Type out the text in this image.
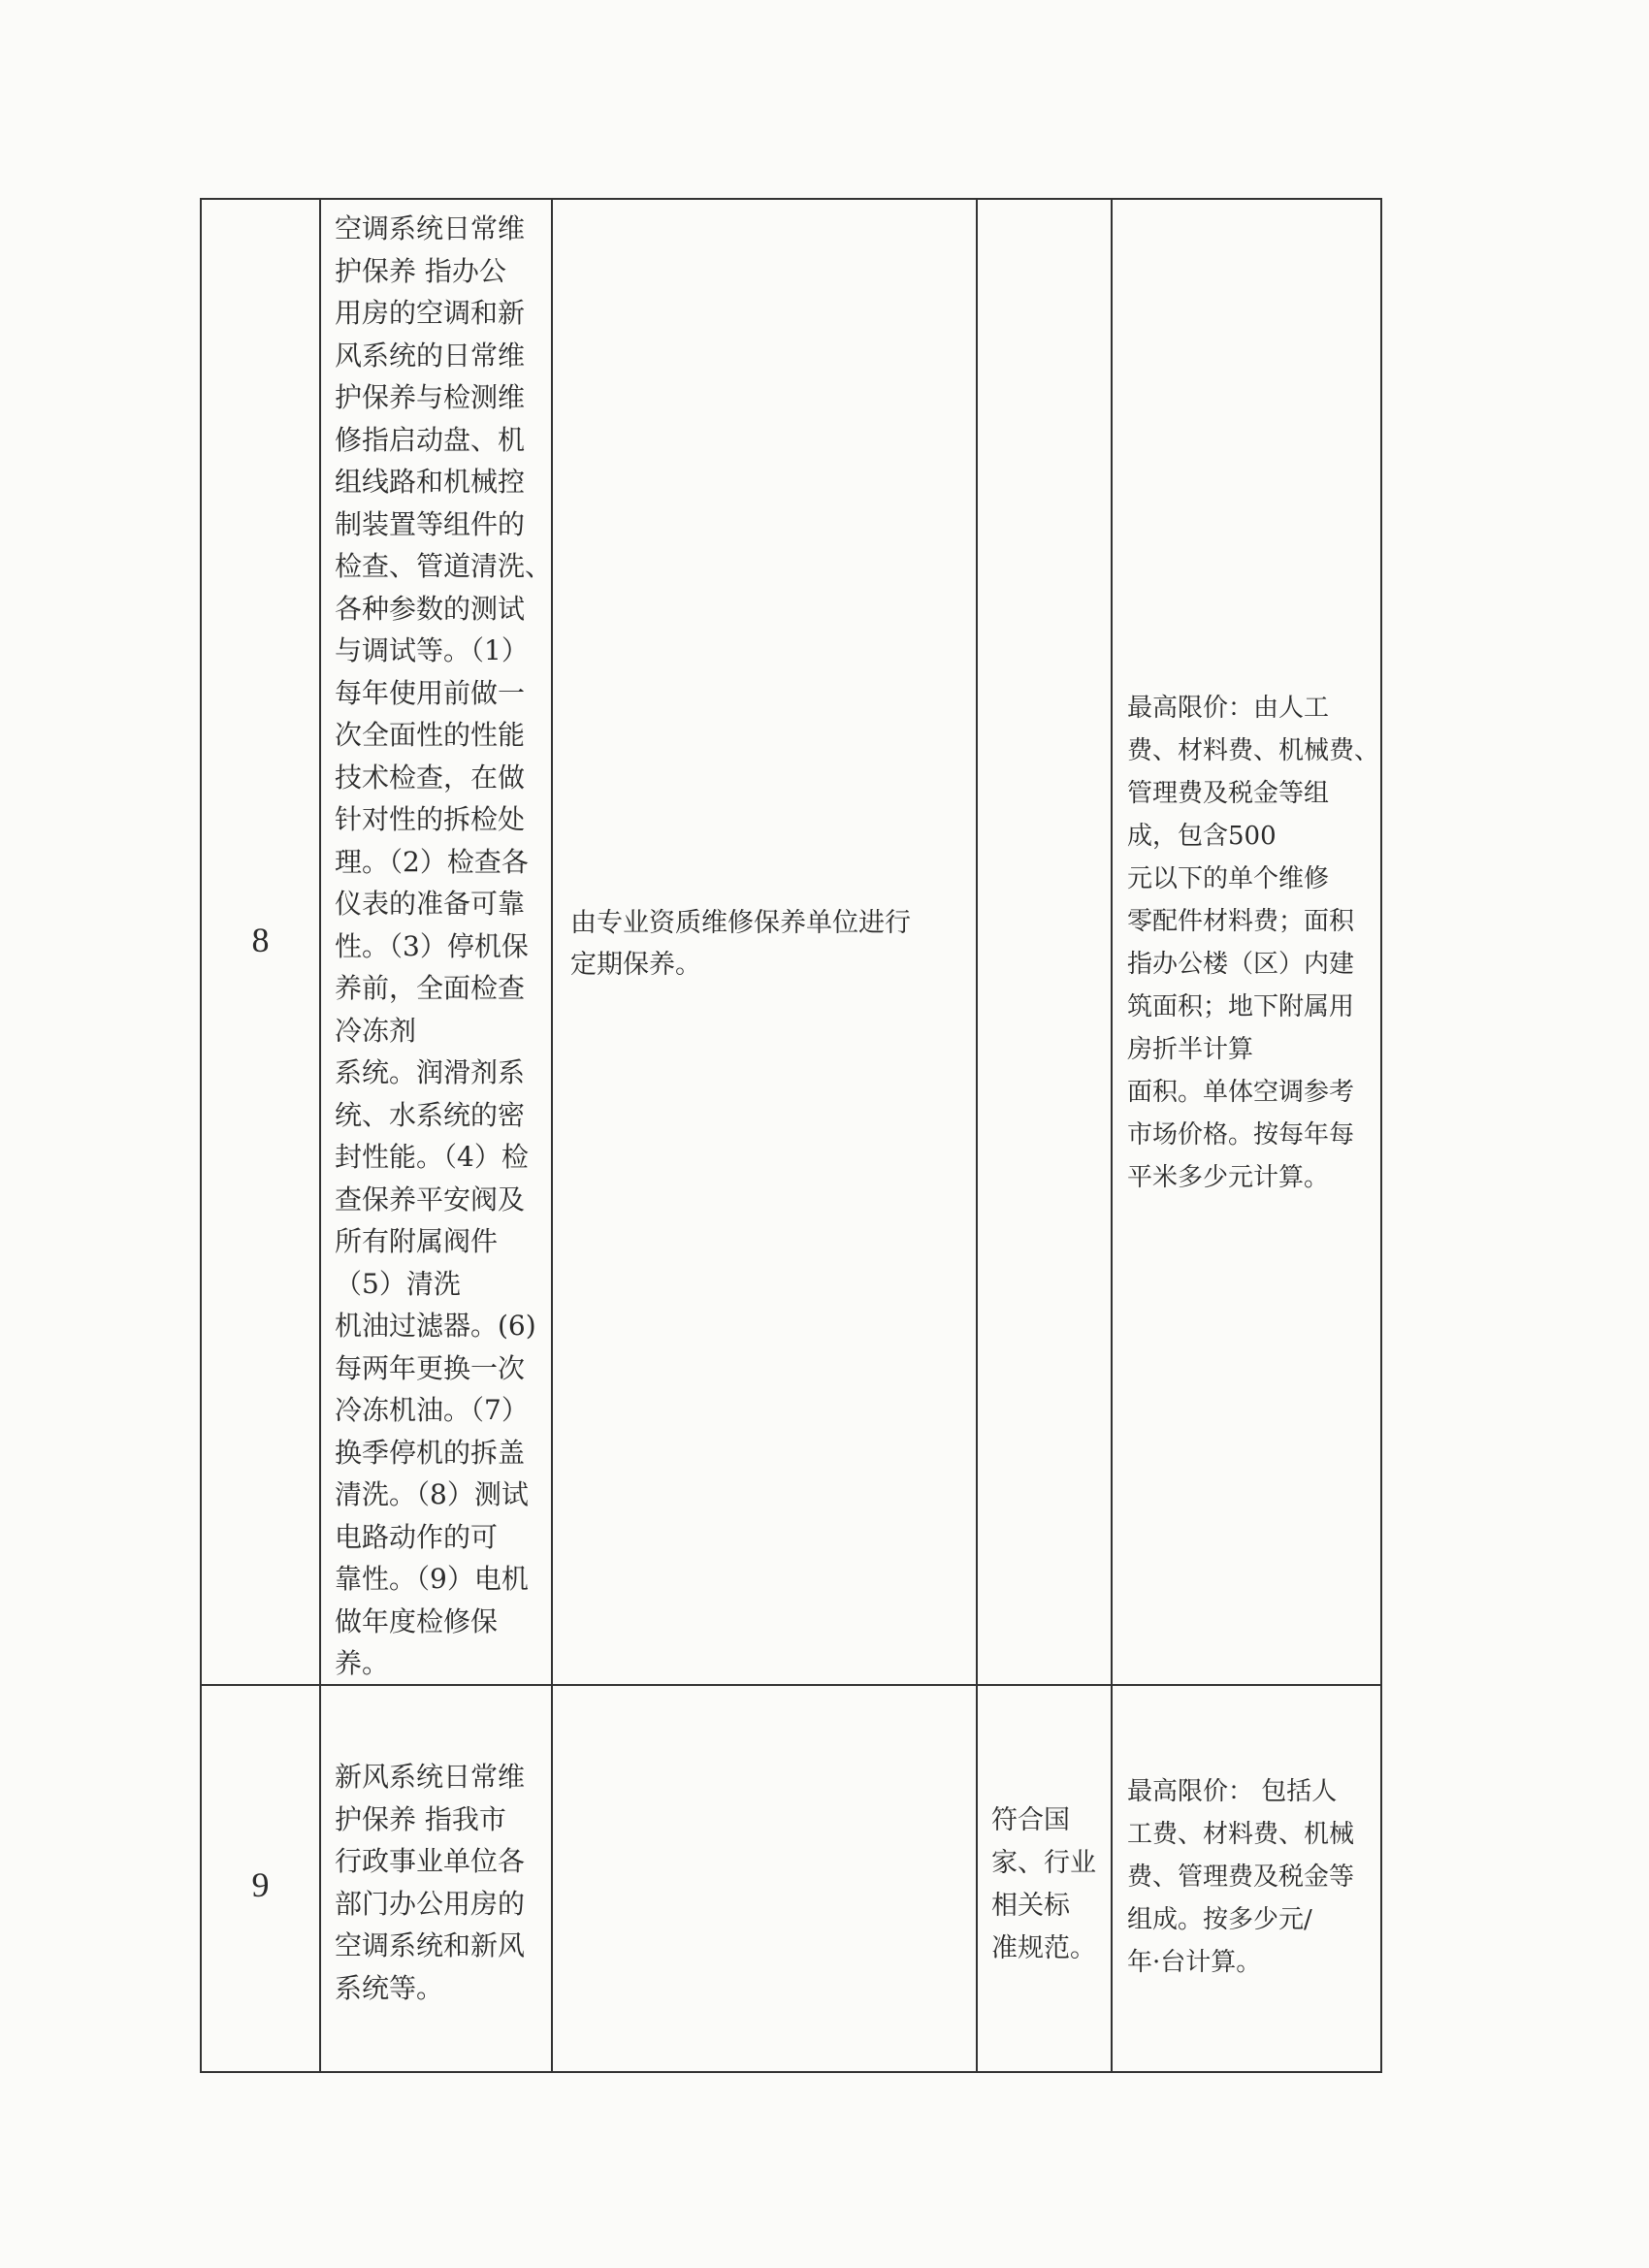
8
空调系统日常维
护保养 指办公
用房的空调和新
风系统的日常维
护保养与检测维
修指启动盘、机
组线路和机械控
制装置等组件的
检查、管道清洗、
各种参数的测试
与调试等。（1）
每年使用前做一
次全面性的性能
技术检查，在做
针对性的拆检处
理。（2）检查各
仪表的准备可靠
性。（3）停机保
养前，全面检查
冷冻剂
系统。润滑剂系
统、水系统的密
封性能。（4）检
查保养平安阀及
所有附属阀件
（5）清洗
机油过滤器。(6)
每两年更换一次
冷冻机油。（7）
换季停机的拆盖
清洗。（8）测试
电路动作的可
靠性。（9）电机
做年度检修保
养。
由专业资质维修保养单位进行
定期保养。
最高限价：由人工
费、材料费、机械费、
管理费及税金等组
成，包含500
元以下的单个维修
零配件材料费；面积
指办公楼（区）内建
筑面积；地下附属用
房折半计算
面积。单体空调参考
市场价格。按每年每
平米多少元计算。
9
新风系统日常维
护保养 指我市
行政事业单位各
部门办公用房的
空调系统和新风
系统等。
符合国
家、行业
相关标
准规范。
最高限价： 包括人
工费、材料费、机械
费、管理费及税金等
组成。按多少元/
年·台计算。
